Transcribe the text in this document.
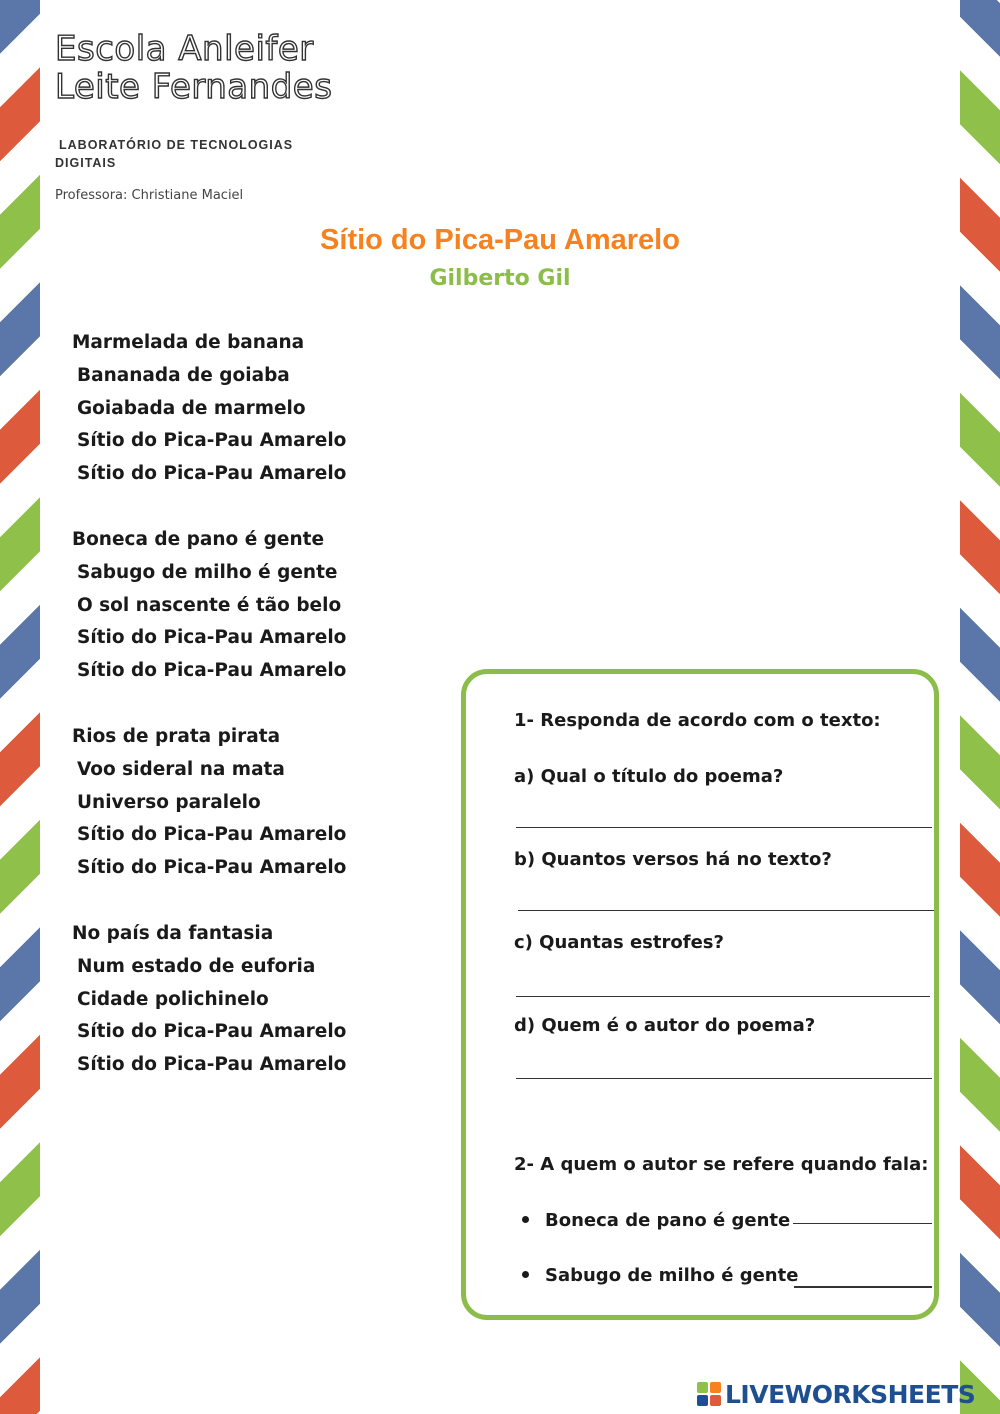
Escola Anleifer
Leite Fernandes
LABORATÓRIO DE TECNOLOGIAS DIGITAIS
Professora: Christiane Maciel
Sítio do Pica-Pau Amarelo
Gilberto Gil
Marmelada de banana
Bananada de goiaba
Goiabada de marmelo
Sítio do Pica-Pau Amarelo
Sítio do Pica-Pau Amarelo
Boneca de pano é gente
Sabugo de milho é gente
O sol nascente é tão belo
Sítio do Pica-Pau Amarelo
Sítio do Pica-Pau Amarelo
Rios de prata pirata
Voo sideral na mata
Universo paralelo
Sítio do Pica-Pau Amarelo
Sítio do Pica-Pau Amarelo
No país da fantasia
Num estado de euforia
Cidade polichinelo
Sítio do Pica-Pau Amarelo
Sítio do Pica-Pau Amarelo
1- Responda de acordo com o texto:
a) Qual o título do poema?
b) Quantos versos há no texto?
c) Quantas estrofes?
d) Quem é o autor do poema?
2- A quem o autor se refere quando fala:
Boneca de pano é gente
Sabugo de milho é gente
LIVEWORKSHEETS
